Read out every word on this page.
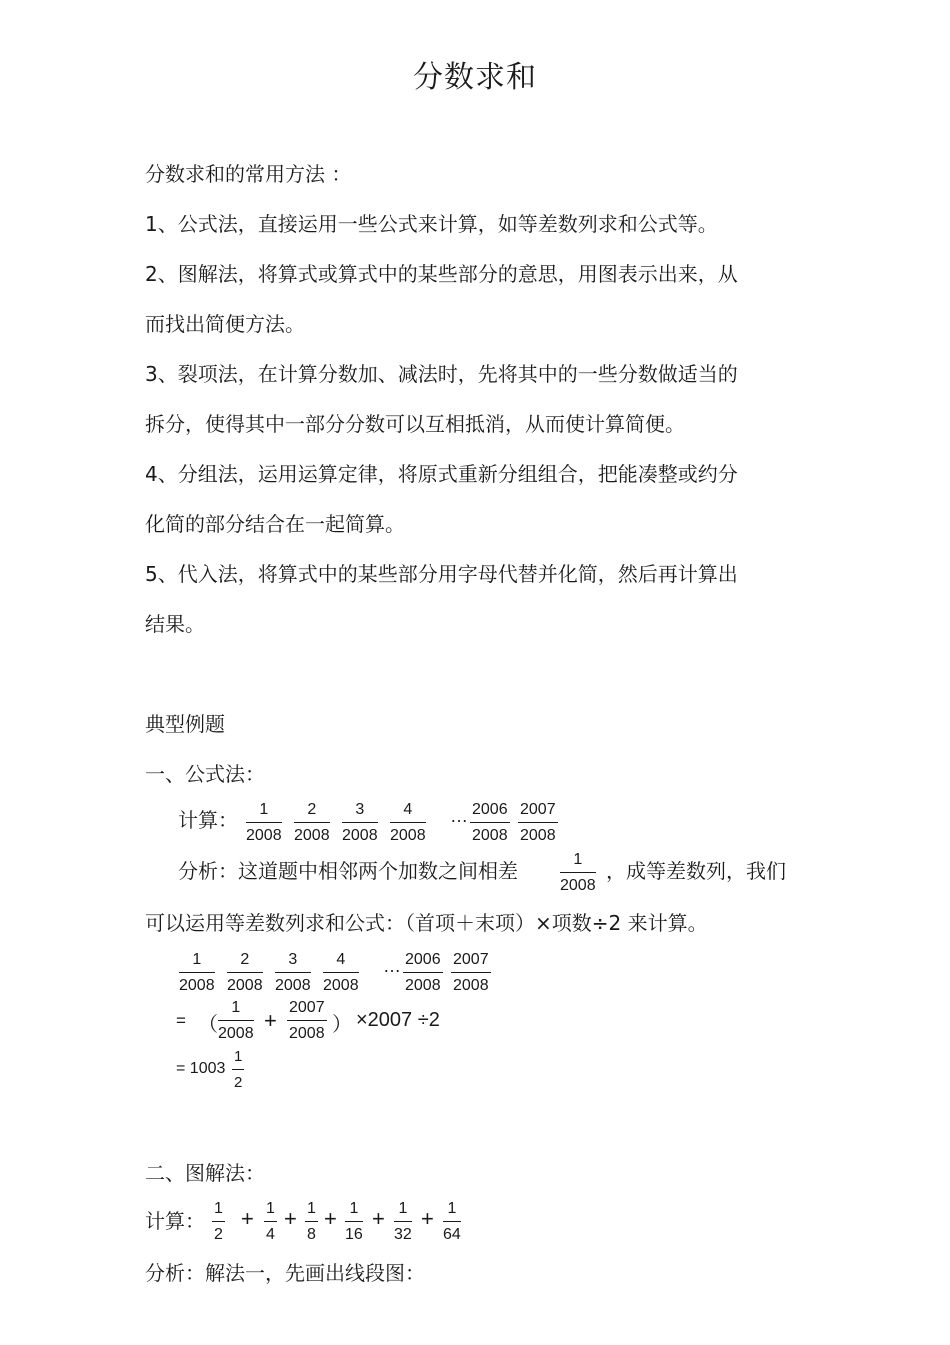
分数求和
分数求和的常用方法 ：
1、公式法，直接运用一些公式来计算，如等差数列求和公式等。
2、图解法，将算式或算式中的某些部分的意思，用图表示出来，从
而找出简便方法。
3、裂项法，在计算分数加、减法时，先将其中的一些分数做适当的
拆分，使得其中一部分分数可以互相抵消，从而使计算简便。
4、分组法，运用运算定律，将原式重新分组组合，把能凑整或约分
化简的部分结合在一起简算。
5、代入法，将算式中的某些部分用字母代替并化简，然后再计算出
结果。
典型例题
一、公式法：
计算： $\frac{1}{2008} \frac{2}{2008} \frac{3}{2008} \frac{4}{2008}$ … $\frac{2006}{2008} \frac{2007}{2008}$
分析：这道题中相邻两个加数之间相差	$\frac{1}{2008}$ ，成等差数列，我们
可以运用等差数列求和公式：（首项＋末项）×项数÷2 来计算。
$\frac{1}{2008} \frac{2}{2008} \frac{3}{2008} \frac{4}{2008}$ … $\frac{2006}{2008} \frac{2007}{2008}$
= （ $\frac{1}{2008} + \frac{2007}{2008}$ ） ×2007 ÷2
= $1003 \frac{1}{2}$
二、图解法：
计算： $\frac{1}{2} + \frac{1}{4} + \frac{1}{8} + \frac{1}{16} + \frac{1}{32} + \frac{1}{64}$
分析：解法一，先画出线段图：
